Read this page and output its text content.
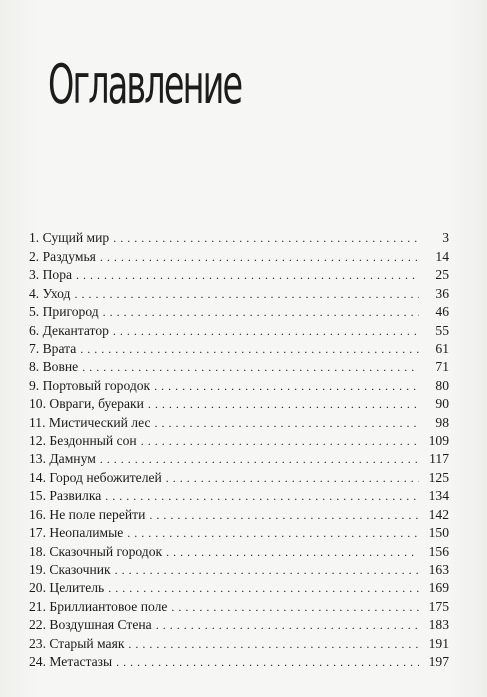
Оглавление
1. Сущий мир . . .	3
2. Раздумья . . .	14
3. Пора . . .	25
4. Уход . . .	36
5. Пригород . . .	46
6. Декантатор . . .	55
7. Врата . . .	61
8. Вовне . . .	71
9. Портовый городок . . .	80
10. Овраги, буераки . . .	90
11. Мистический лес . . .	98
12. Бездонный сон . . .	109
13. Дамнум . . .	117
14. Город небожителей . . .	125
15. Развилка . . .	134
16. Не поле перейти . . .	142
17. Неопалимые . . .	150
18. Сказочный городок . . .	156
19. Сказочник . . .	163
20. Целитель . . .	169
21. Бриллиантовое поле . . .	175
22. Воздушная Стена . . .	183
23. Старый маяк . . .	191
24. Метастазы . . .	197
